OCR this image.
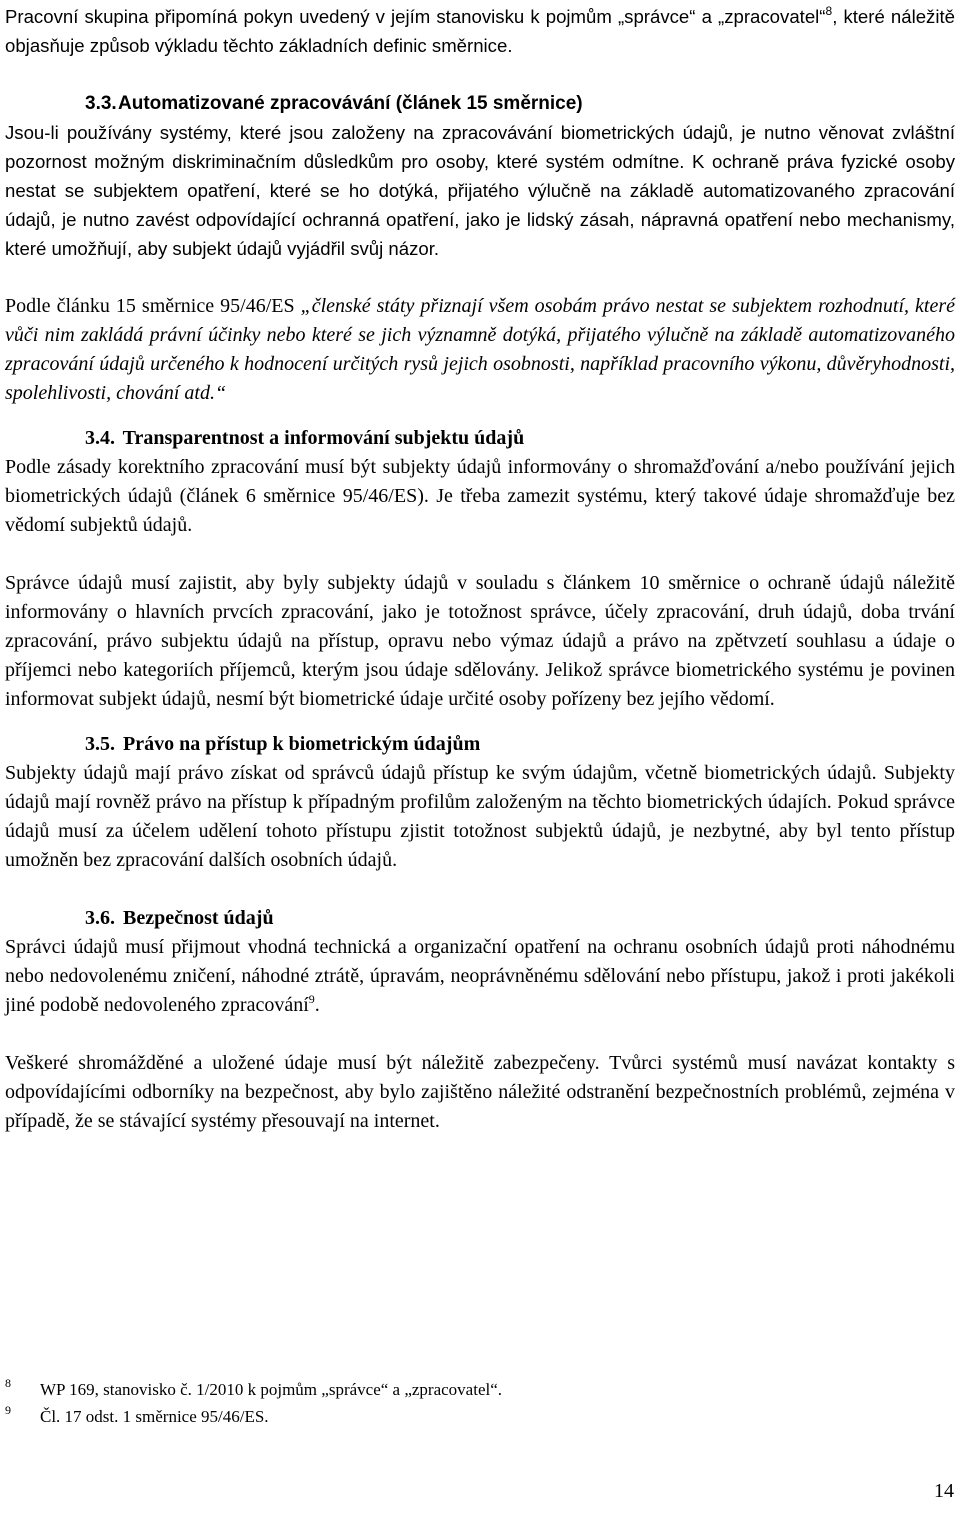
Pracovní skupina připomíná pokyn uvedený v jejím stanovisku k pojmům „správce“ a „zpracovatel“$^8$, které náležitě objasňuje způsob výkladu těchto základních definic směrnice.

3.3.Automatizované zpracovávání (článek 15 směrnice)

Jsou-li používány systémy, které jsou založeny na zpracovávání biometrických údajů, je nutno věnovat zvláštní pozornost možným diskriminačním důsledkům pro osoby, které systém odmítne. K ochraně práva fyzické osoby nestat se subjektem opatření, které se ho dotýká, přijatého výlučně na základě automatizovaného zpracování údajů, je nutno zavést odpovídající ochranná opatření, jako je lidský zásah, nápravná opatření nebo mechanismy, které umožňují, aby subjekt údajů vyjádřil svůj názor.

Podle článku 15 směrnice 95/46/ES „členské státy přiznají všem osobám právo nestat se subjektem rozhodnutí, které vůči nim zakládá právní účinky nebo které se jich významně dotýká, přijatého výlučně na základě automatizovaného zpracování údajů určeného k hodnocení určitých rysů jejich osobnosti, například pracovního výkonu, důvěryhodnosti, spolehlivosti, chování atd.“

3.4. Transparentnost a informování subjektu údajů

Podle zásady korektního zpracování musí být subjekty údajů informovány o shromažďování a/nebo používání jejich biometrických údajů (článek 6 směrnice 95/46/ES). Je třeba zamezit systému, který takové údaje shromažďuje bez vědomí subjektů údajů.

Správce údajů musí zajistit, aby byly subjekty údajů v souladu s článkem 10 směrnice o ochraně údajů náležitě informovány o hlavních prvcích zpracování, jako je totožnost správce, účely zpracování, druh údajů, doba trvání zpracování, právo subjektu údajů na přístup, opravu nebo výmaz údajů a právo na zpětvzetí souhlasu a údaje o příjemci nebo kategoriích příjemců, kterým jsou údaje sdělovány. Jelikož správce biometrického systému je povinen informovat subjekt údajů, nesmí být biometrické údaje určité osoby pořízeny bez jejího vědomí.

3.5. Právo na přístup k biometrickým údajům

Subjekty údajů mají právo získat od správců údajů přístup ke svým údajům, včetně biometrických údajů. Subjekty údajů mají rovněž právo na přístup k případným profilům založeným na těchto biometrických údajích. Pokud správce údajů musí za účelem udělení tohoto přístupu zjistit totožnost subjektů údajů, je nezbytné, aby byl tento přístup umožněn bez zpracování dalších osobních údajů.

3.6. Bezpečnost údajů

Správci údajů musí přijmout vhodná technická a organizační opatření na ochranu osobních údajů proti náhodnému nebo nedovolenému zničení, náhodné ztrátě, úpravám, neoprávněnému sdělování nebo přístupu, jakož i proti jakékoli jiné podobě nedovoleného zpracování$^9$.

Veškeré shromážděné a uložené údaje musí být náležitě zabezpečeny. Tvůrci systémů musí navázat kontakty s odpovídajícími odborníky na bezpečnost, aby bylo zajištěno náležité odstranění bezpečnostních problémů, zejména v případě, že se stávající systémy přesouvají na internet.

8 WP 169, stanovisko č. 1/2010 k pojmům „správce“ a „zpracovatel“.
9 Čl. 17 odst. 1 směrnice 95/46/ES.
14
